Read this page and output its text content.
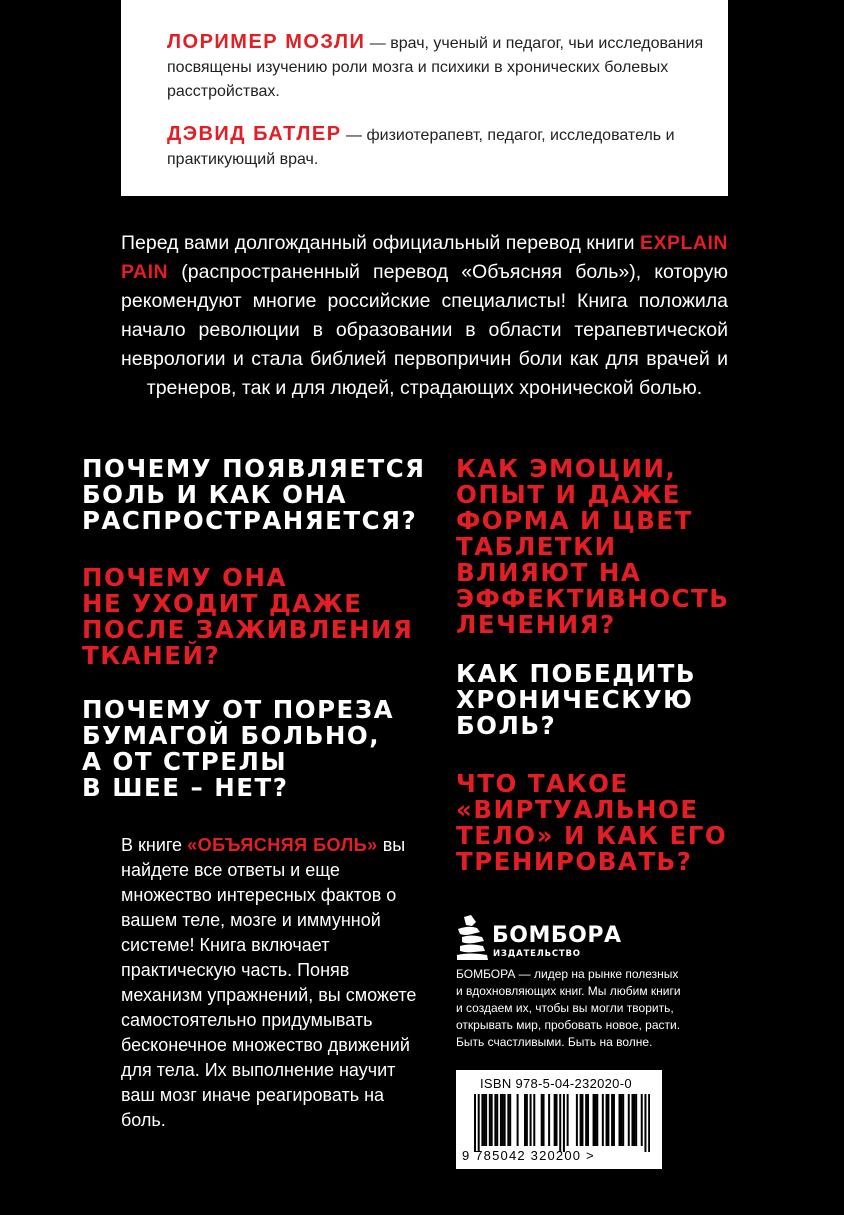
ЛОРИМЕР МОЗЛИ — врач, ученый и педагог, чьи исследования посвящены изучению роли мозга и психики в хронических болевых расстройствах.
ДЭВИД БАТЛЕР — физиотерапевт, педагог, исследователь и практикующий врач.
Перед вами долгожданный официальный перевод книги EXPLAIN PAIN (распространенный перевод «Объясняя боль»), которую рекомендуют многие российские специалисты! Книга положила начало революции в образовании в области терапевтической неврологии и стала библией первопричин боли как для врачей и тренеров, так и для людей, страдающих хронической болью.

ПОЧЕМУ ПОЯВЛЯЕТСЯ
БОЛЬ И КАК ОНА
РАСПРОСТРАНЯЕТСЯ?

ПОЧЕМУ ОНА
НЕ УХОДИТ ДАЖЕ
ПОСЛЕ ЗАЖИВЛЕНИЯ
ТКАНЕЙ?

ПОЧЕМУ ОТ ПОРЕЗА
БУМАГОЙ БОЛЬНО,
А ОТ СТРЕЛЫ
В ШЕЕ – НЕТ?

КАК ЭМОЦИИ,
ОПЫТ И ДАЖЕ
ФОРМА И ЦВЕТ
ТАБЛЕТКИ
ВЛИЯЮТ НА
ЭФФЕКТИВНОСТЬ
ЛЕЧЕНИЯ?

КАК ПОБЕДИТЬ
ХРОНИЧЕСКУЮ
БОЛЬ?

ЧТО ТАКОЕ
«ВИРТУАЛЬНОЕ
ТЕЛО» И КАК ЕГО
ТРЕНИРОВАТЬ?

В книге «ОБЪЯСНЯЯ БОЛЬ» вы найдете все ответы и еще множество интересных фактов о вашем теле, мозге и иммунной системе! Книга включает практическую часть. Поняв механизм упражнений, вы сможете самостоятельно придумывать бесконечное множество движений для тела. Их выполнение научит ваш мозг иначе реагировать на боль.
БОМБОРА
ИЗДАТЕЛЬСТВО
БОМБОРА — лидер на рынке полезных и вдохновляющих книг. Мы любим книги и создаем их, чтобы вы могли творить, открывать мир, пробовать новое, расти. Быть счастливыми. Быть на волне.
ISBN 978-5-04-232020-0
9 785042 320200 >
